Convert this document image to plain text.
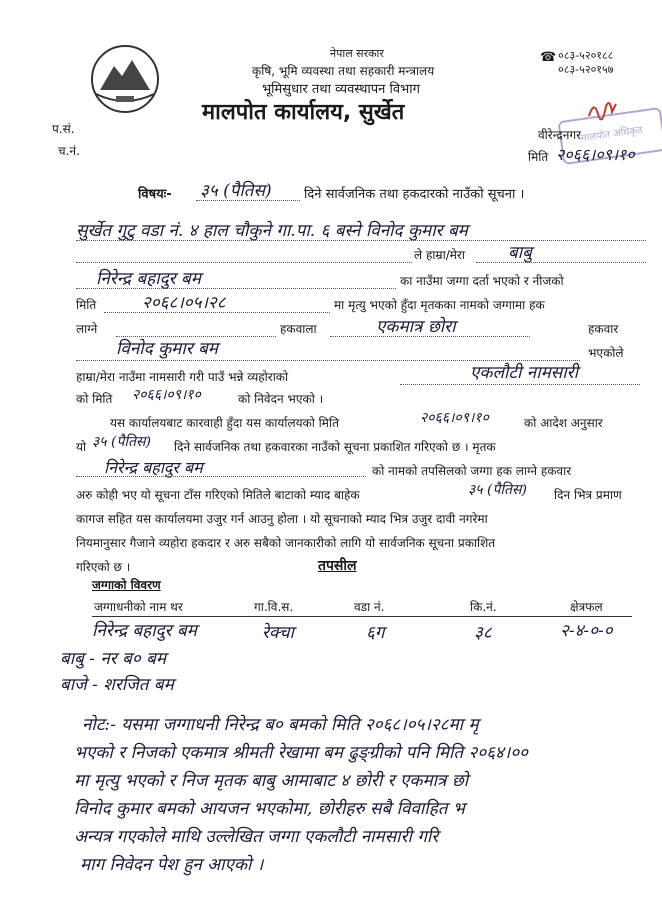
नेपाल सरकार
कृषि, भूमि व्यवस्था तथा सहकारी मन्त्रालय
भूमिसुधार तथा व्यवस्थापन विभाग
मालपोत कार्यालय, सुर्खेत
☎ ०८३-५२०१८८
०८३-५२०१५७
मालपोत अधिकृत
प.सं.
च.नं.
वीरेन्द्रनगर
मिति २०६६।०९।१०
विषयः- ३५ (पैतिस) दिने सार्वजनिक तथा हकदारको नाउँको सूचना ।
सुर्खेत गुटु वडा नं. ४ हाल चौकुने गा.पा. ६ बस्ने विनोद कुमार बम
ले हाम्रा/मेरा	बाबु
निरेन्द्र बहादुर बम	का नाउँमा जग्गा दर्ता भएको र नीजको
मिति	२०६८।०५।२८	मा मृत्यु भएको हुँदा मृतकका नामको जग्गामा हक
लाग्ने	हकवाला	एकमात्र छोरा	हकवार
विनोद कुमार बम	भएकोले
हाम्रा/मेरा नाउँमा नामसारी गरी पाउँ भन्ने व्यहोराको	एकलौटी नामसारी
को मिति २०६६।०९।१०	को निवेदन भएको ।
यस कार्यालयबाट कारवाही हुँदा यस कार्यालयको मिति	२०६६।०९।१०	को आदेश अनुसार
यो ३५ (पैतिस) दिने सार्वजनिक तथा हकवारका नाउँको सूचना प्रकाशित गरिएको छ । मृतक
निरेन्द्र बहादुर बम	को नामको तपसिलको जग्गा हक लाग्ने हकवार
अरु कोही भए यो सूचना टाँस गरिएको मितिले बाटाको म्याद बाहेक	३५ (पैतिस) दिन भित्र प्रमाण
कागज सहित यस कार्यालयमा उजुर गर्न आउनु होला । यो सूचनाको म्याद भित्र उजुर दावी नगरेमा
नियमानुसार गैजाने व्यहोरा हकदार र अरु सबैको जानकारीको लागि यो सार्वजनिक सूचना प्रकाशित
गरिएको छ ।	तपसील
जग्गाको विवरण
जग्गाधनीको नाम थर	गा.वि.स.	वडा नं.	कि.नं.	क्षेत्रफल
निरेन्द्र बहादुर बम	रेक्चा	६ग	३८	२-४-०-०
बाबु - नर ब० बम
बाजे - शरजित बम
नोट:- यसमा जग्गाधनी निरेन्द्र ब० बमको मिति २०६८।०५।२८मा मृ
भएको र निजको एकमात्र श्रीमती रेखामा बम ढुङ्ग्रीको पनि मिति २०६४।००
मा मृत्यु भएको र निज मृतक बाबु आमाबाट ४ छोरी र एकमात्र छो
विनोद कुमार बमको आयजन भएकोमा, छोरीहरु सबै विवाहित भ
अन्यत्र गएकोले माथि उल्लेखित जग्गा एकलौटी नामसारी गरि
माग निवेदन पेश हुन आएको ।
